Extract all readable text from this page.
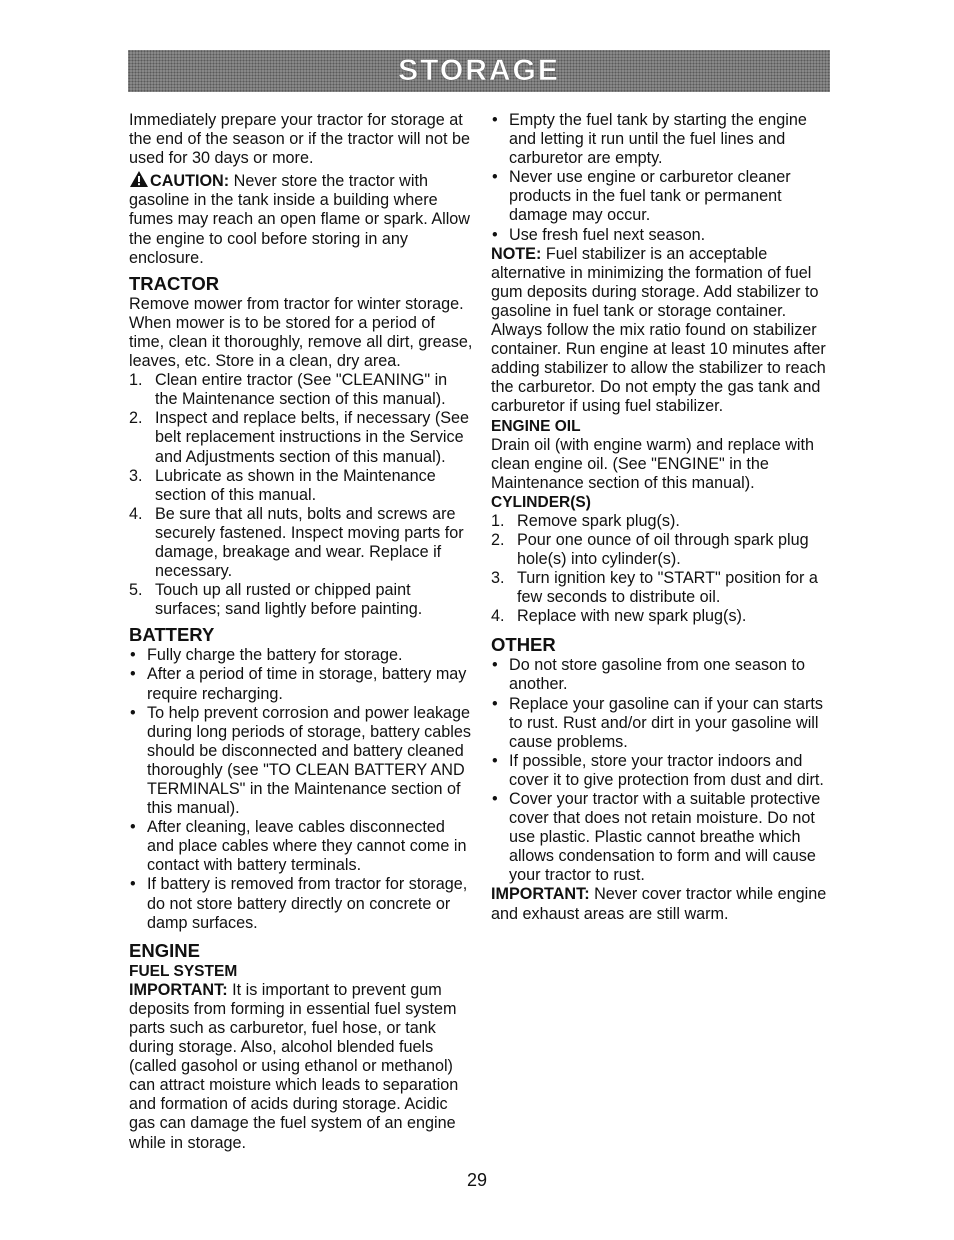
STORAGE

Immediately prepare your tractor for storage at the end of the season or if the tractor will not be used for 30 days or more.

CAUTION: Never store the tractor with gasoline in the tank inside a building where fumes may reach an open flame or spark. Allow the engine to cool before storing in any enclosure.

TRACTOR

Remove mower from tractor for winter storage. When mower is to be stored for a period of time, clean it thoroughly, remove all dirt, grease, leaves, etc. Store in a clean, dry area.

1. Clean entire tractor (See "CLEANING" in the Maintenance section of this manual).
2. Inspect and replace belts, if necessary (See belt replacement instructions in the Service and Adjustments section of this manual).
3. Lubricate as shown in the Maintenance section of this manual.
4. Be sure that all nuts, bolts and screws are securely fastened. Inspect moving parts for damage, breakage and wear. Replace if necessary.
5. Touch up all rusted or chipped paint surfaces; sand lightly before painting.

BATTERY

• Fully charge the battery for storage.
• After a period of time in storage, battery may require recharging.
• To help prevent corrosion and power leakage during long periods of storage, battery cables should be disconnected and battery cleaned thoroughly (see "TO CLEAN BATTERY AND TERMINALS" in the Maintenance section of this manual).
• After cleaning, leave cables disconnected and place cables where they cannot come in contact with battery terminals.
• If battery is removed from tractor for storage, do not store battery directly on concrete or damp surfaces.

ENGINE

FUEL SYSTEM

IMPORTANT: It is important to prevent gum deposits from forming in essential fuel system parts such as carburetor, fuel hose, or tank during storage. Also, alcohol blended fuels (called gasohol or using ethanol or methanol) can attract moisture which leads to separation and formation of acids during storage. Acidic gas can damage the fuel system of an engine while in storage.

• Empty the fuel tank by starting the engine and letting it run until the fuel lines and carburetor are empty.
• Never use engine or carburetor cleaner products in the fuel tank or permanent damage may occur.
• Use fresh fuel next season.

NOTE: Fuel stabilizer is an acceptable alternative in minimizing the formation of fuel gum deposits during storage. Add stabilizer to gasoline in fuel tank or storage container. Always follow the mix ratio found on stabilizer container. Run engine at least 10 minutes after adding stabilizer to allow the stabilizer to reach the carburetor. Do not empty the gas tank and carburetor if using fuel stabilizer.

ENGINE OIL

Drain oil (with engine warm) and replace with clean engine oil. (See "ENGINE" in the Maintenance section of this manual).

CYLINDER(S)

1. Remove spark plug(s).
2. Pour one ounce of oil through spark plug hole(s) into cylinder(s).
3. Turn ignition key to "START" position for a few seconds to distribute oil.
4. Replace with new spark plug(s).

OTHER

• Do not store gasoline from one season to another.
• Replace your gasoline can if your can starts to rust. Rust and/or dirt in your gasoline will cause problems.
• If possible, store your tractor indoors and cover it to give protection from dust and dirt.
• Cover your tractor with a suitable protective cover that does not retain moisture. Do not use plastic. Plastic cannot breathe which allows condensation to form and will cause your tractor to rust.

IMPORTANT: Never cover tractor while engine and exhaust areas are still warm.

29
